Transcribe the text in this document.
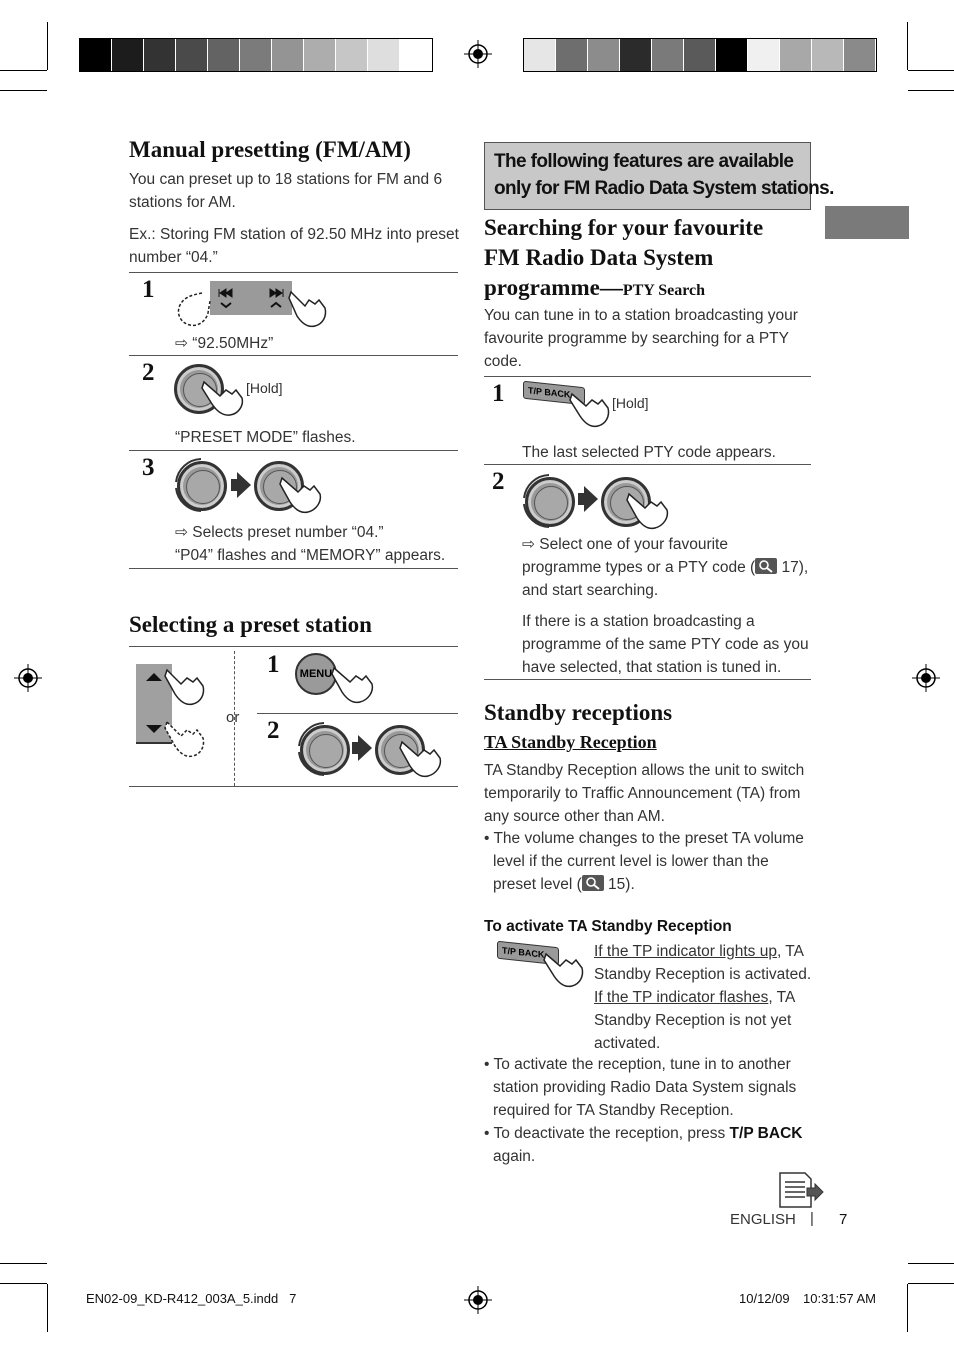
Manual presetting (FM/AM)
You can preset up to 18 stations for FM and 6
stations for AM.
Ex.: Storing FM station of 92.50 MHz into preset
number “04.”
1
⇨ “92.50MHz”
2
[Hold]
“PRESET MODE” flashes.
3
⇨ Selects preset number “04.”
“P04” flashes and “MEMORY” appears.
Selecting a preset station
or
1	MENU
2
The following features are available
only for FM Radio Data System stations.
Searching for your favourite
FM Radio Data System
programme—PTY Search
You can tune in to a station broadcasting your
favourite programme by searching for a PTY
code.
1	T/P BACK
[Hold]
The last selected PTY code appears.
2
⇨ Select one of your favourite
programme types or a PTY code ( 17),
and start searching.
If there is a station broadcasting a
programme of the same PTY code as you
have selected, that station is tuned in.
Standby receptions
TA Standby Reception
TA Standby Reception allows the unit to switch
temporarily to Traffic Announcement (TA) from
any source other than AM.
• The volume changes to the preset TA volume
level if the current level is lower than the
preset level ( 15).
To activate TA Standby Reception
T/P BACK	If the TP indicator lights up, TA
Standby Reception is activated.
If the TP indicator flashes, TA
Standby Reception is not yet
activated.
• To activate the reception, tune in to another
station providing Radio Data System signals
required for TA Standby Reception.
• To deactivate the reception, press T/P BACK
again.
ENGLISH | 7
EN02-09_KD-R412_003A_5.indd   7	10/12/09 10:31:57 AM
